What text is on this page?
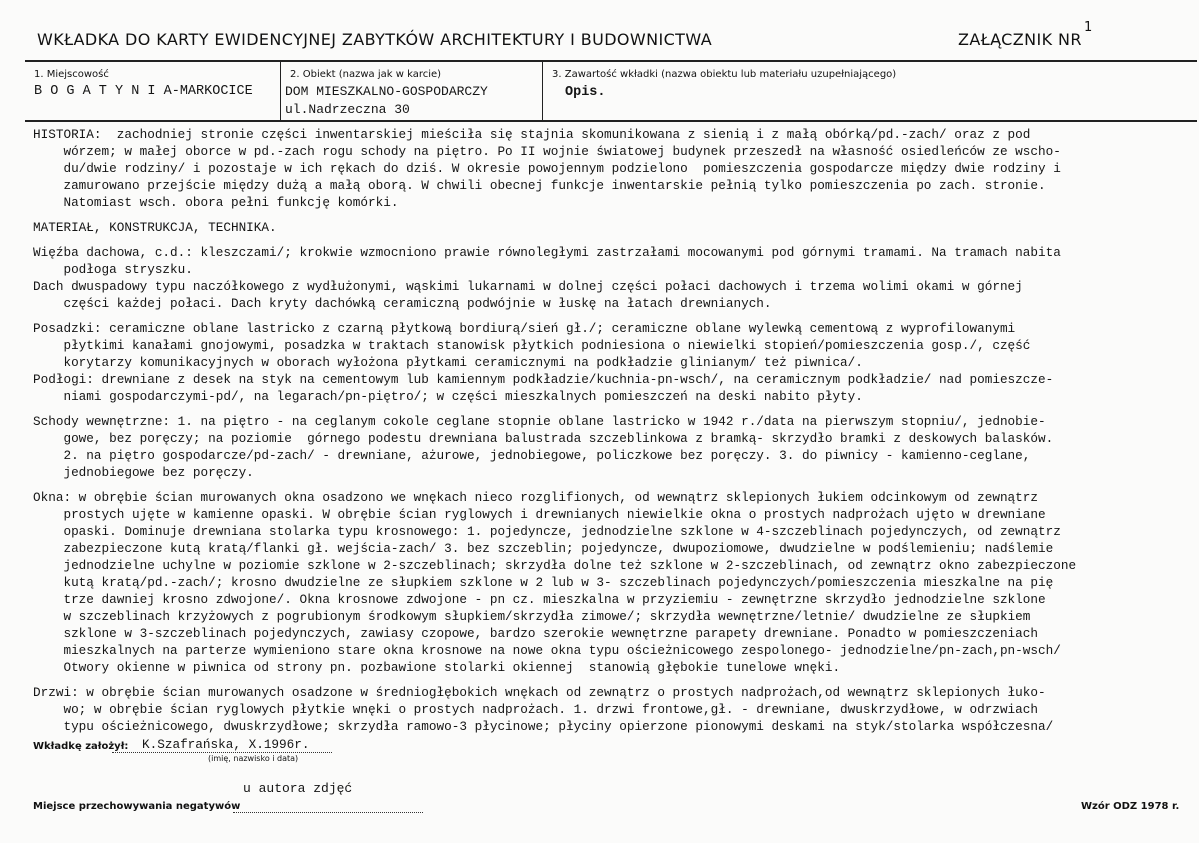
WKŁADKA DO KARTY EWIDENCYJNEJ ZABYTKÓW ARCHITEKTURY I BUDOWNICTWA	ZAŁĄCZNIK NR
1
1. Miejscowość
B O G A T Y N I A-MARKOCICE
2. Obiekt (nazwa jak w karcie)
DOM MIESZKALNO-GOSPODARCZY
ul.Nadrzeczna 30
3. Zawartość wkładki (nazwa obiektu lub materiału uzupełniającego)
Opis.
HISTORIA:  zachodniej stronie części inwentarskiej mieściła się stajnia skomunikowana z sienią i z małą obórką/pd.-zach/ oraz z pod
wórzem; w małej oborce w pd.-zach rogu schody na piętro. Po II wojnie światowej budynek przeszedł na własność osiedleńców ze wscho-
du/dwie rodziny/ i pozostaje w ich rękach do dziś. W okresie powojennym podzielono  pomieszczenia gospodarcze między dwie rodziny i
zamurowano przejście między dużą a małą oborą. W chwili obecnej funkcje inwentarskie pełnią tylko pomieszczenia po zach. stronie.
Natomiast wsch. obora pełni funkcję komórki.
MATERIAŁ, KONSTRUKCJA, TECHNIKA.
Więźba dachowa, c.d.: kleszczami/; krokwie wzmocniono prawie równoległymi zastrzałami mocowanymi pod górnymi tramami. Na tramach nabita
podłoga stryszku.
Dach dwuspadowy typu naczółkowego z wydłużonymi, wąskimi lukarnami w dolnej części połaci dachowych i trzema wolimi okami w górnej
części każdej połaci. Dach kryty dachówką ceramiczną podwójnie w łuskę na łatach drewnianych.
Posadzki: ceramiczne oblane lastricko z czarną płytkową bordiurą/sień gł./; ceramiczne oblane wylewką cementową z wyprofilowanymi
płytkimi kanałami gnojowymi, posadzka w traktach stanowisk płytkich podniesiona o niewielki stopień/pomieszczenia gosp./, część
korytarzy komunikacyjnych w oborach wyłożona płytkami ceramicznymi na podkładzie glinianym/ też piwnica/.
Podłogi: drewniane z desek na styk na cementowym lub kamiennym podkładzie/kuchnia-pn-wsch/, na ceramicznym podkładzie/ nad pomieszcze-
niami gospodarczymi-pd/, na legarach/pn-piętro/; w części mieszkalnych pomieszczeń na deski nabito płyty.
Schody wewnętrzne: 1. na piętro - na ceglanym cokole ceglane stopnie oblane lastricko w 1942 r./data na pierwszym stopniu/, jednobie-
gowe, bez poręczy; na poziomie  górnego podestu drewniana balustrada szczeblinkowa z bramką- skrzydło bramki z deskowych balasków.
2. na piętro gospodarcze/pd-zach/ - drewniane, ażurowe, jednobiegowe, policzkowe bez poręczy. 3. do piwnicy - kamienno-ceglane,
jednobiegowe bez poręczy.
Okna: w obrębie ścian murowanych okna osadzono we wnękach nieco rozglifionych, od wewnątrz sklepionych łukiem odcinkowym od zewnątrz
prostych ujęte w kamienne opaski. W obrębie ścian ryglowych i drewnianych niewielkie okna o prostych nadprożach ujęto w drewniane
opaski. Dominuje drewniana stolarka typu krosnowego: 1. pojedyncze, jednodzielne szklone w 4-szczeblinach pojedynczych, od zewnątrz
zabezpieczone kutą kratą/flanki gł. wejścia-zach/ 3. bez szczeblin; pojedyncze, dwupoziomowe, dwudzielne w podślemieniu; nadślemie
jednodzielne uchylne w poziomie szklone w 2-szczeblinach; skrzydła dolne też szklone w 2-szczeblinach, od zewnątrz okno zabezpieczone
kutą kratą/pd.-zach/; krosno dwudzielne ze słupkiem szklone w 2 lub w 3- szczeblinach pojedynczych/pomieszczenia mieszkalne na pię
trze dawniej krosno zdwojone/. Okna krosnowe zdwojone - pn cz. mieszkalna w przyziemiu - zewnętrzne skrzydło jednodzielne szklone
w szczeblinach krzyżowych z pogrubionym środkowym słupkiem/skrzydła zimowe/; skrzydła wewnętrzne/letnie/ dwudzielne ze słupkiem
szklone w 3-szczeblinach pojedynczych, zawiasy czopowe, bardzo szerokie wewnętrzne parapety drewniane. Ponadto w pomieszczeniach
mieszkalnych na parterze wymieniono stare okna krosnowe na nowe okna typu ościeżnicowego zespolonego- jednodzielne/pn-zach,pn-wsch/
Otwory okienne w piwnica od strony pn. pozbawione stolarki okiennej  stanowią głębokie tunelowe wnęki.
Drzwi: w obrębie ścian murowanych osadzone w średniogłębokich wnękach od zewnątrz o prostych nadprożach,od wewnątrz sklepionych łuko-
wo; w obrębie ścian ryglowych płytkie wnęki o prostych nadprożach. 1. drzwi frontowe,gł. - drewniane, dwuskrzydłowe, w odrzwiach
typu ościeżnicowego, dwuskrzydłowe; skrzydła ramowo-3 płycinowe; płyciny opierzone pionowymi deskami na styk/stolarka współczesna/
Wkładkę założył: K.Szafrańska, X.1996r.
(imię, nazwisko i data)
u autora zdjęć
Miejsce przechowywania negatywów	Wzór ODZ 1978 r.
